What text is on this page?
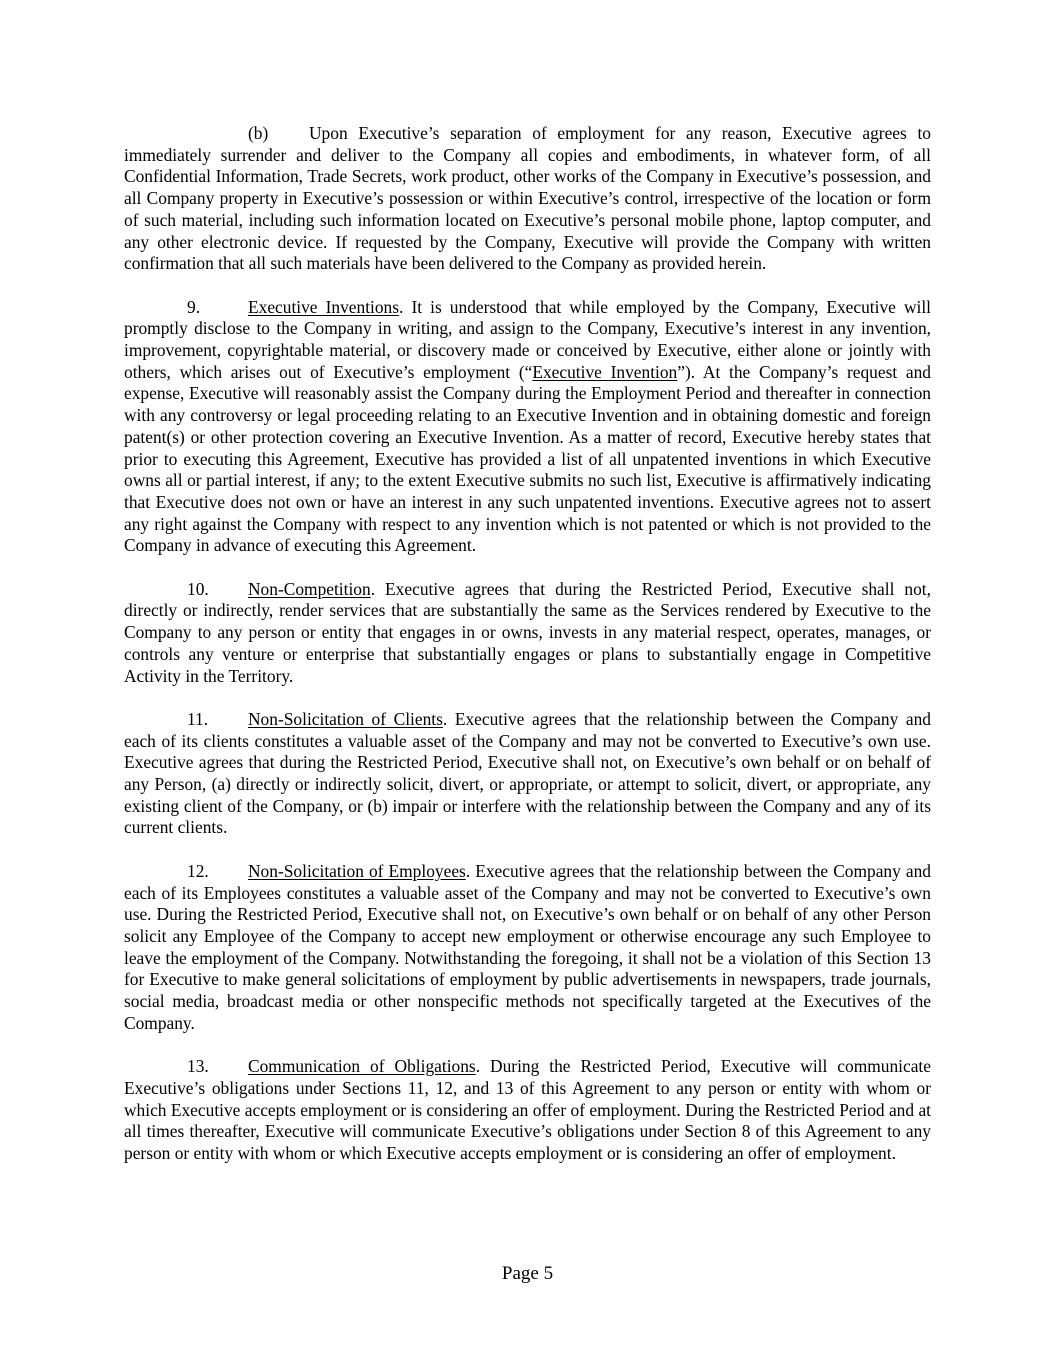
(b) Upon Executive’s separation of employment for any reason, Executive agrees to immediately surrender and deliver to the Company all copies and embodiments, in whatever form, of all Confidential Information, Trade Secrets, work product, other works of the Company in Executive’s possession, and all Company property in Executive’s possession or within Executive’s control, irrespective of the location or form of such material, including such information located on Executive’s personal mobile phone, laptop computer, and any other electronic device. If requested by the Company, Executive will provide the Company with written confirmation that all such materials have been delivered to the Company as provided herein.

9.	Executive Inventions. It is understood that while employed by the Company, Executive will promptly disclose to the Company in writing, and assign to the Company, Executive’s interest in any invention, improvement, copyrightable material, or discovery made or conceived by Executive, either alone or jointly with others, which arises out of Executive’s employment (“Executive Invention”). At the Company’s request and expense, Executive will reasonably assist the Company during the Employment Period and thereafter in connection with any controversy or legal proceeding relating to an Executive Invention and in obtaining domestic and foreign patent(s) or other protection covering an Executive Invention. As a matter of record, Executive hereby states that prior to executing this Agreement, Executive has provided a list of all unpatented inventions in which Executive owns all or partial interest, if any; to the extent Executive submits no such list, Executive is affirmatively indicating that Executive does not own or have an interest in any such unpatented inventions. Executive agrees not to assert any right against the Company with respect to any invention which is not patented or which is not provided to the Company in advance of executing this Agreement.

10. Non-Competition. Executive agrees that during the Restricted Period, Executive shall not, directly or indirectly, render services that are substantially the same as the Services rendered by Executive to the Company to any person or entity that engages in or owns, invests in any material respect, operates, manages, or controls any venture or enterprise that substantially engages or plans to substantially engage in Competitive Activity in the Territory.

11. Non-Solicitation of Clients. Executive agrees that the relationship between the Company and each of its clients constitutes a valuable asset of the Company and may not be converted to Executive’s own use. Executive agrees that during the Restricted Period, Executive shall not, on Executive’s own behalf or on behalf of any Person, (a) directly or indirectly solicit, divert, or appropriate, or attempt to solicit, divert, or appropriate, any existing client of the Company, or (b) impair or interfere with the relationship between the Company and any of its current clients.

12. Non-Solicitation of Employees. Executive agrees that the relationship between the Company and each of its Employees constitutes a valuable asset of the Company and may not be converted to Executive’s own use. During the Restricted Period, Executive shall not, on Executive’s own behalf or on behalf of any other Person solicit any Employee of the Company to accept new employment or otherwise encourage any such Employee to leave the employment of the Company. Notwithstanding the foregoing, it shall not be a violation of this Section 13 for Executive to make general solicitations of employment by public advertisements in newspapers, trade journals, social media, broadcast media or other nonspecific methods not specifically targeted at the Executives of the Company.

13. Communication of Obligations. During the Restricted Period, Executive will communicate Executive’s obligations under Sections 11, 12, and 13 of this Agreement to any person or entity with whom or which Executive accepts employment or is considering an offer of employment. During the Restricted Period and at all times thereafter, Executive will communicate Executive’s obligations under Section 8 of this Agreement to any person or entity with whom or which Executive accepts employment or is considering an offer of employment.

Page 5
